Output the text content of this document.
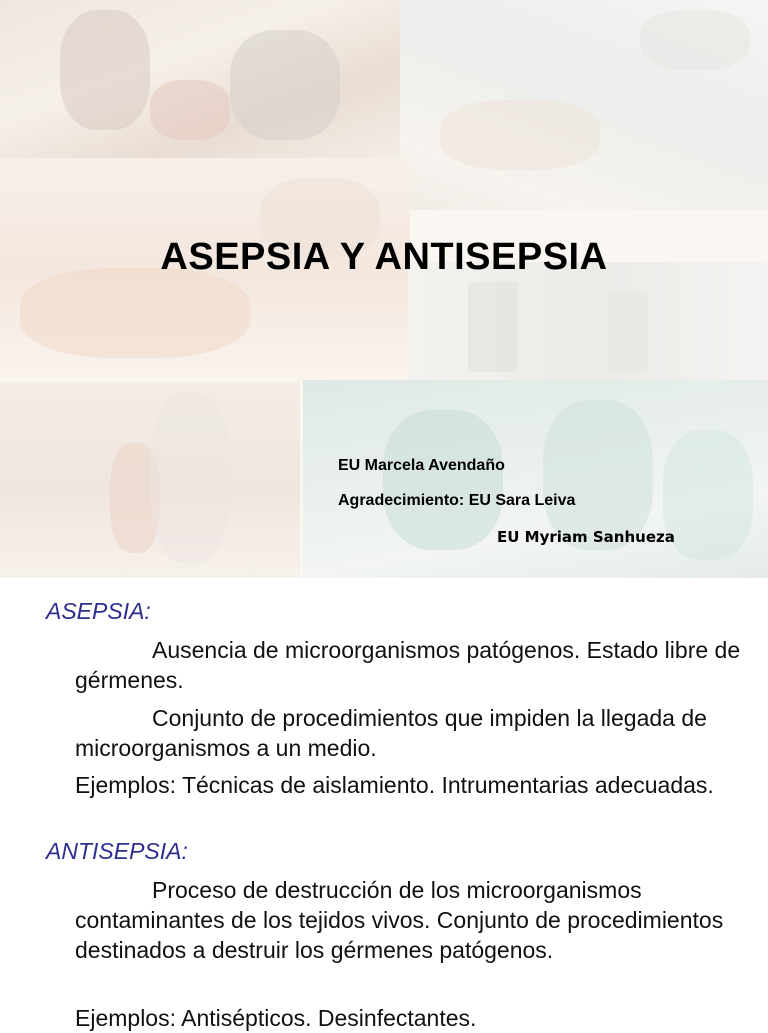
ASEPSIA Y ANTISEPSIA
EU Marcela Avendaño
Agradecimiento: EU Sara Leiva
EU Myriam Sanhueza
ASEPSIA:
Ausencia de microorganismos patógenos. Estado libre de gérmenes.
Conjunto de procedimientos que impiden la llegada de microorganismos a un medio.
Ejemplos: Técnicas de aislamiento. Intrumentarias adecuadas.
ANTISEPSIA:
Proceso de destrucción de los microorganismos contaminantes de los tejidos vivos. Conjunto de procedimientos destinados a destruir los gérmenes patógenos.
Ejemplos: Antisépticos. Desinfectantes.
